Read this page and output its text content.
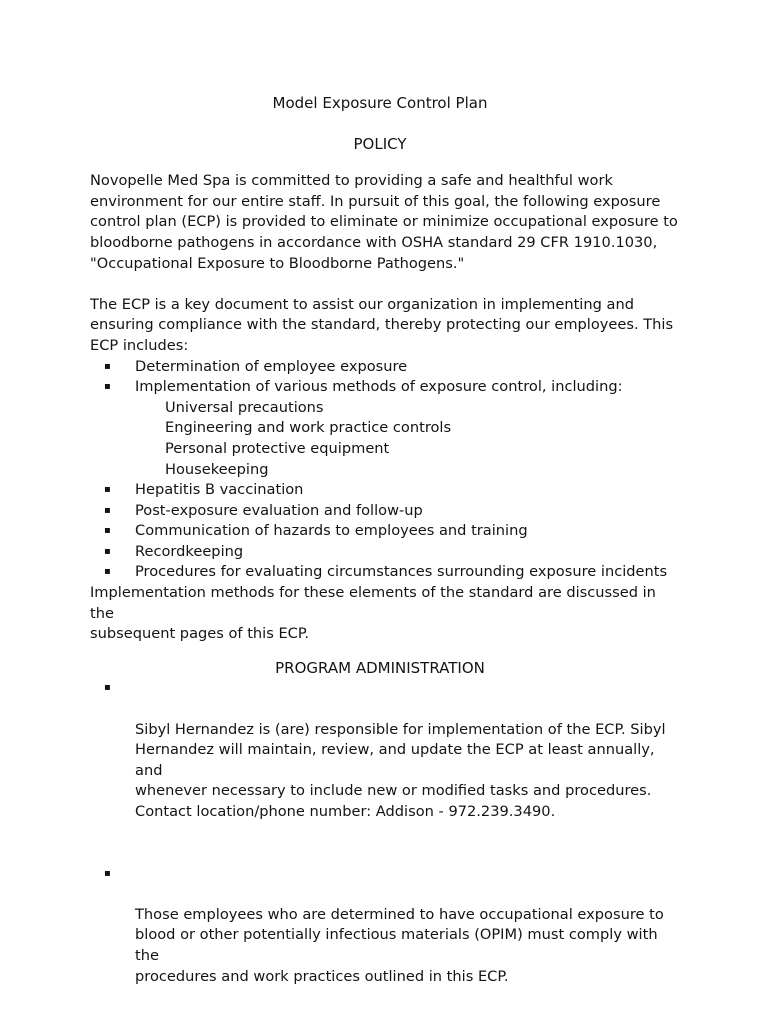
Model Exposure Control Plan
POLICY

Novopelle Med Spa is committed to providing a safe and healthful work
environment for our entire staff. In pursuit of this goal, the following exposure
control plan (ECP) is provided to eliminate or minimize occupational exposure to
bloodborne pathogens in accordance with OSHA standard 29 CFR 1910.1030,
"Occupational Exposure to Bloodborne Pathogens."

The ECP is a key document to assist our organization in implementing and
ensuring compliance with the standard, thereby protecting our employees. This
ECP includes:

▪ Determination of employee exposure
▪ Implementation of various methods of exposure control, including:
Universal precautions
Engineering and work practice controls
Personal protective equipment
Housekeeping
▪ Hepatitis B vaccination
▪ Post-exposure evaluation and follow-up
▪ Communication of hazards to employees and training
▪ Recordkeeping
▪ Procedures for evaluating circumstances surrounding exposure incidents

Implementation methods for these elements of the standard are discussed in the
subsequent pages of this ECP.

PROGRAM ADMINISTRATION

▪

Sibyl Hernandez is (are) responsible for implementation of the ECP. Sibyl
Hernandez will maintain, review, and update the ECP at least annually, and
whenever necessary to include new or modified tasks and procedures.
Contact location/phone number: Addison - 972.239.3490.

▪

Those employees who are determined to have occupational exposure to
blood or other potentially infectious materials (OPIM) must comply with the
procedures and work practices outlined in this ECP.
